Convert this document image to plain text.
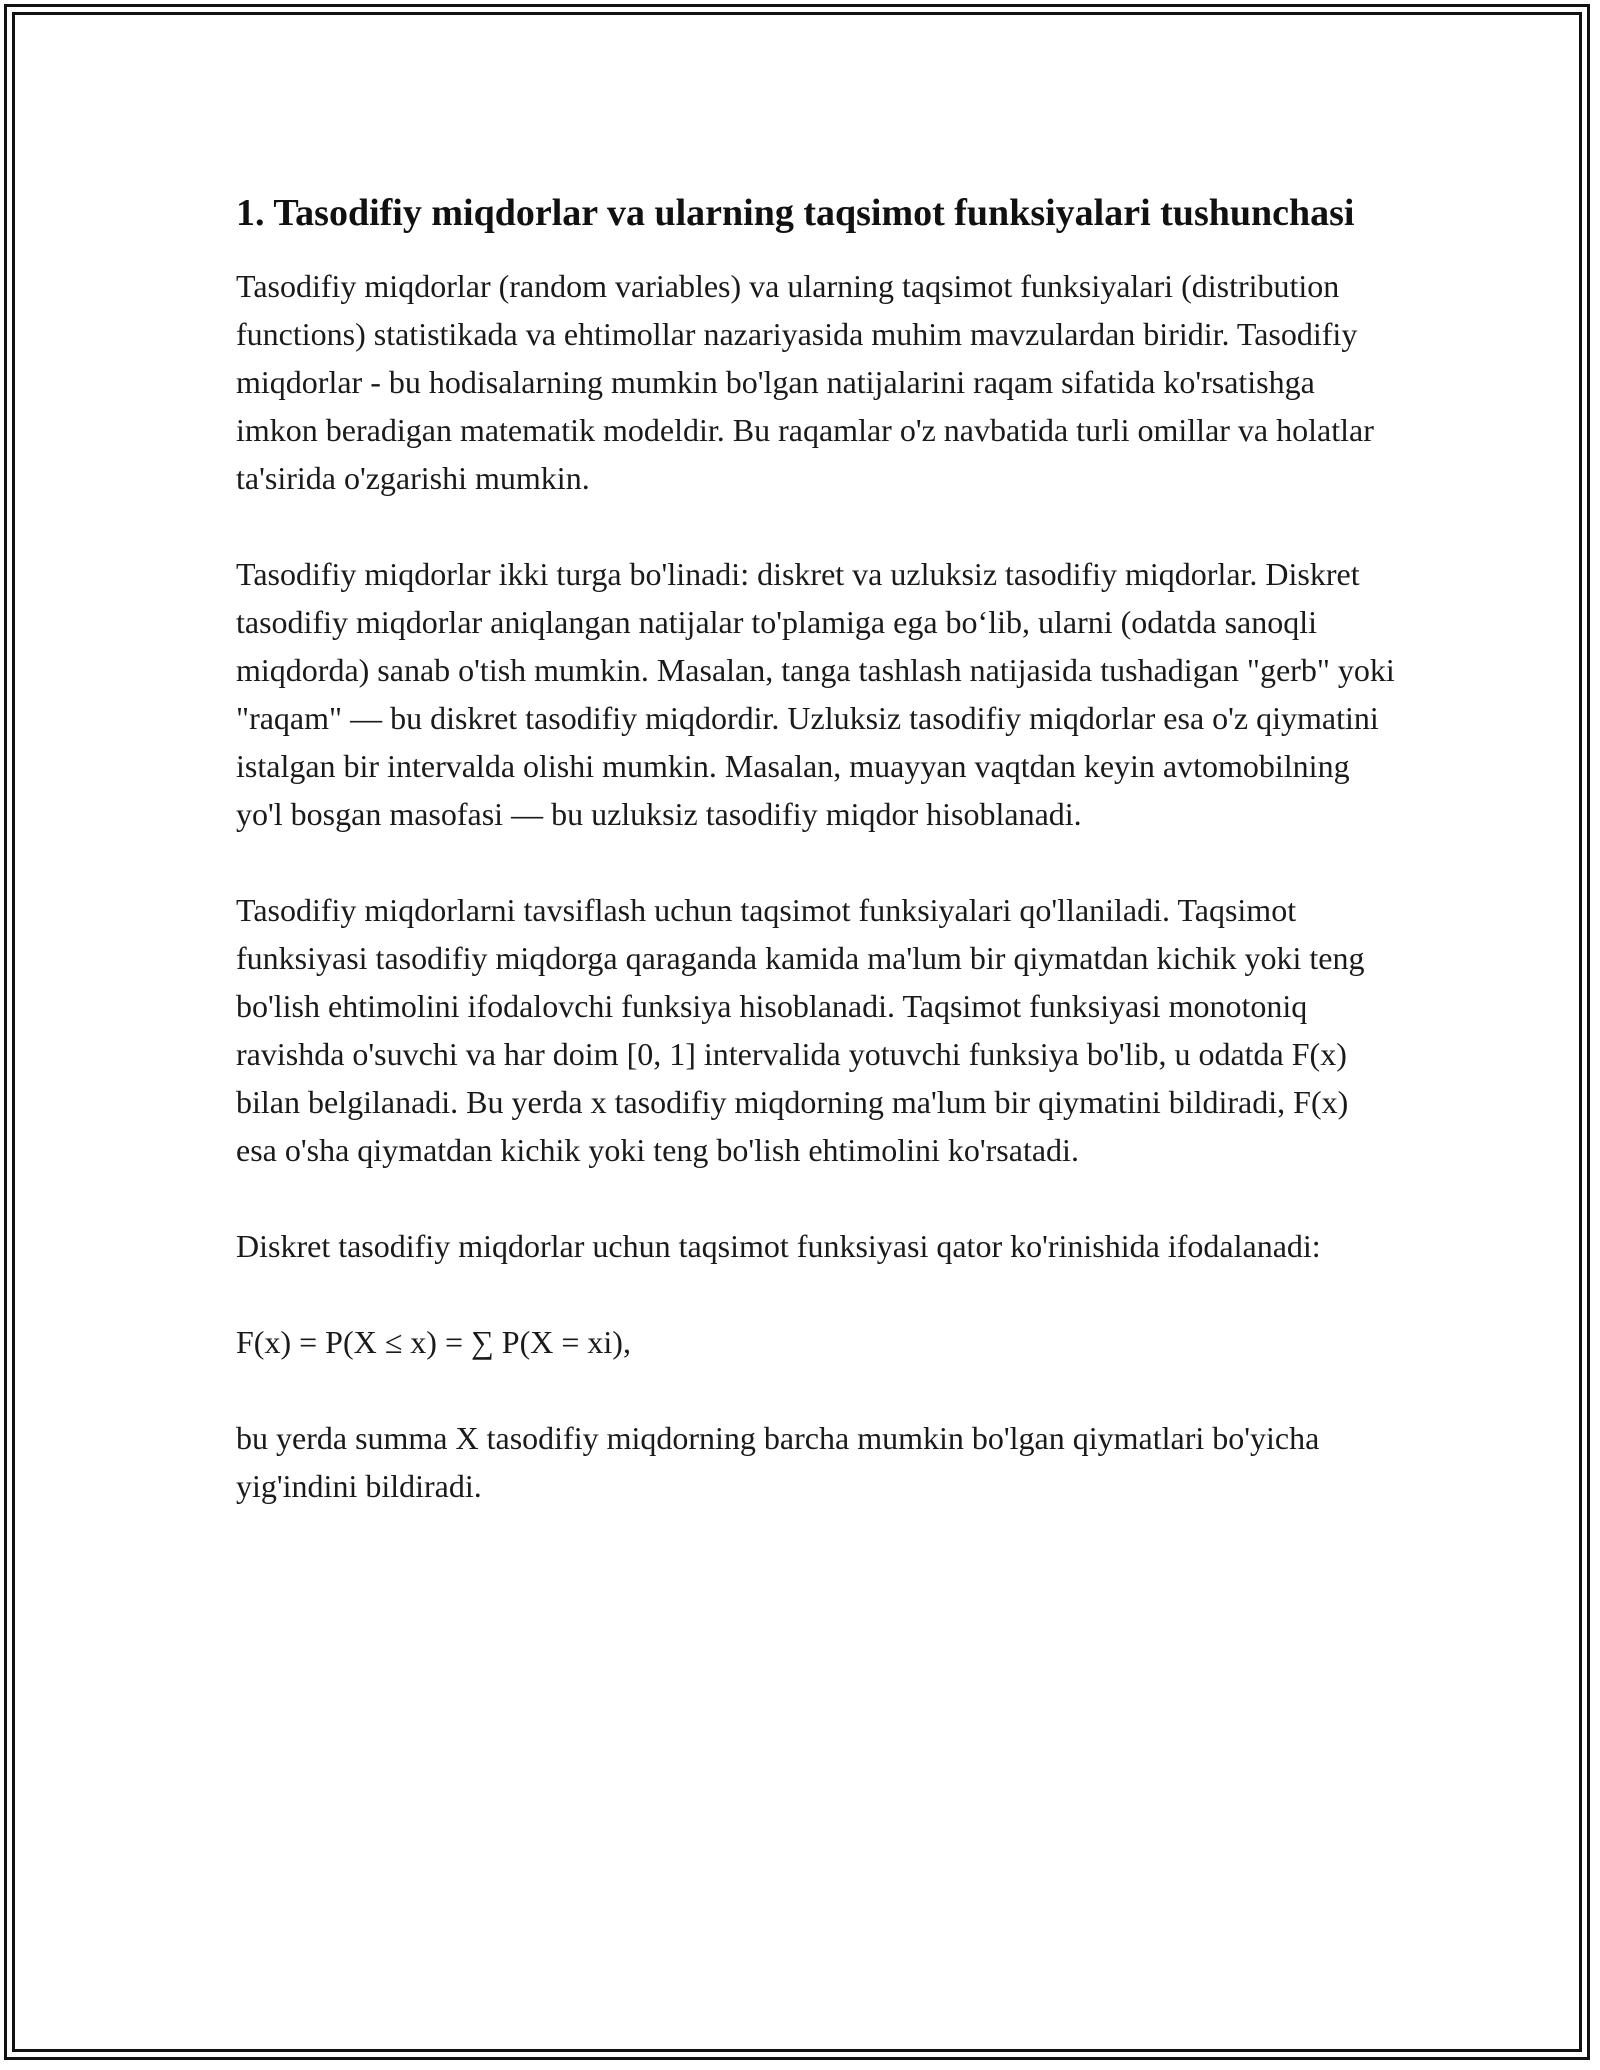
1. Tasodifiy miqdorlar va ularning taqsimot funksiyalari tushunchasi

Tasodifiy miqdorlar (random variables) va ularning taqsimot funksiyalari (distribution functions) statistikada va ehtimollar nazariyasida muhim mavzulardan biridir. Tasodifiy miqdorlar - bu hodisalarning mumkin bo'lgan natijalarini raqam sifatida ko'rsatishga imkon beradigan matematik modeldir. Bu raqamlar o'z navbatida turli omillar va holatlar ta'sirida o'zgarishi mumkin.

Tasodifiy miqdorlar ikki turga bo'linadi: diskret va uzluksiz tasodifiy miqdorlar. Diskret tasodifiy miqdorlar aniqlangan natijalar to'plamiga ega bo‘lib, ularni (odatda sanoqli miqdorda) sanab o'tish mumkin. Masalan, tanga tashlash natijasida tushadigan "gerb" yoki "raqam" — bu diskret tasodifiy miqdordir. Uzluksiz tasodifiy miqdorlar esa o'z qiymatini istalgan bir intervalda olishi mumkin. Masalan, muayyan vaqtdan keyin avtomobilning yo'l bosgan masofasi — bu uzluksiz tasodifiy miqdor hisoblanadi.

Tasodifiy miqdorlarni tavsiflash uchun taqsimot funksiyalari qo'llaniladi. Taqsimot funksiyasi tasodifiy miqdorga qaraganda kamida ma'lum bir qiymatdan kichik yoki teng bo'lish ehtimolini ifodalovchi funksiya hisoblanadi. Taqsimot funksiyasi monotoniq ravishda o'suvchi va har doim [0, 1] intervalida yotuvchi funksiya bo'lib, u odatda F(x) bilan belgilanadi. Bu yerda x tasodifiy miqdorning ma'lum bir qiymatini bildiradi, F(x) esa o'sha qiymatdan kichik yoki teng bo'lish ehtimolini ko'rsatadi.

Diskret tasodifiy miqdorlar uchun taqsimot funksiyasi qator ko'rinishida ifodalanadi:

F(x) = P(X ≤ x) = ∑ P(X = xi),

bu yerda summa X tasodifiy miqdorning barcha mumkin bo'lgan qiymatlari bo'yicha yig'indini bildiradi.
